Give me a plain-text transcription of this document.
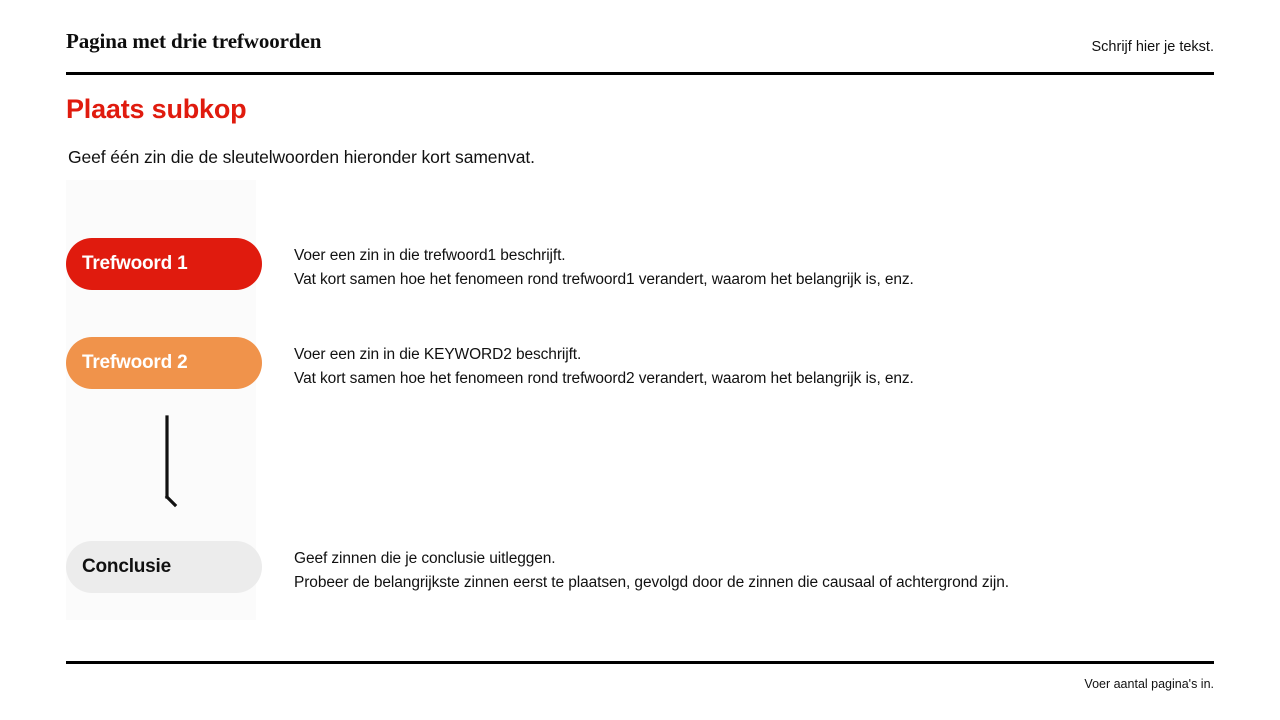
Pagina met drie trefwoorden	Schrijf hier je tekst.
Plaats subkop
Geef één zin die de sleutelwoorden hieronder kort samenvat.
Trefwoord 1	Voer een zin in die trefwoord1 beschrijft.
Vat kort samen hoe het fenomeen rond trefwoord1 verandert, waarom het belangrijk is, enz.
Trefwoord 2	Voer een zin in die KEYWORD2 beschrijft.
Vat kort samen hoe het fenomeen rond trefwoord2 verandert, waarom het belangrijk is, enz.
Conclusie	Geef zinnen die je conclusie uitleggen.
Probeer de belangrijkste zinnen eerst te plaatsen, gevolgd door de zinnen die causaal of achtergrond zijn.
Voer aantal pagina's in.
